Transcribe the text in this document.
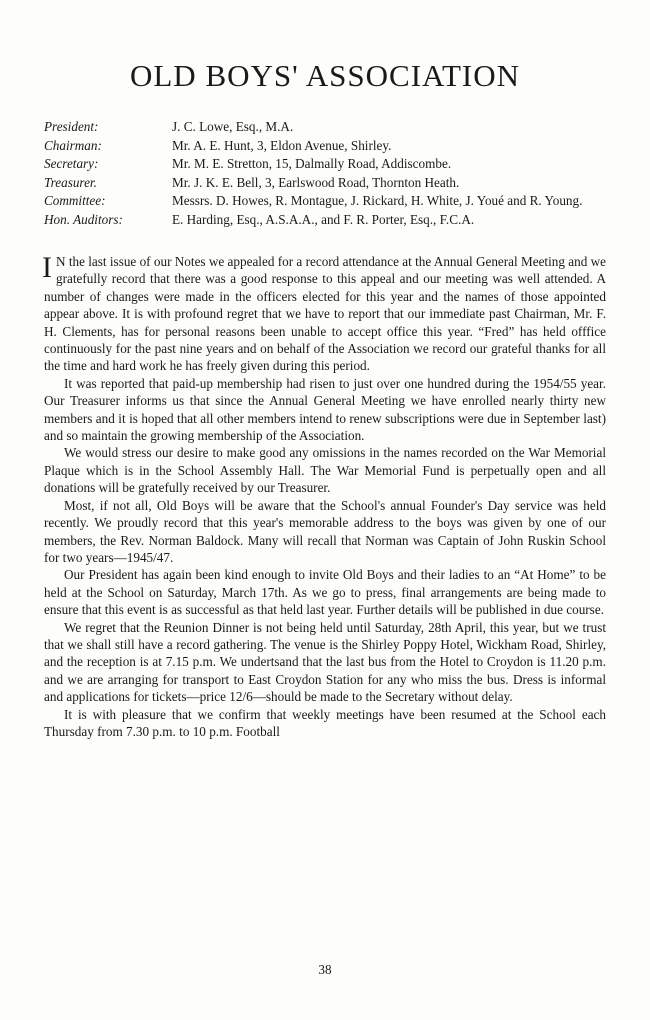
OLD BOYS' ASSOCIATION
President:	J. C. Lowe, Esq., M.A.
Chairman:	Mr. A. E. Hunt, 3, Eldon Avenue, Shirley.
Secretary:	Mr. M. E. Stretton, 15, Dalmally Road, Addiscombe.
Treasurer.	Mr. J. K. E. Bell, 3, Earlswood Road, Thornton Heath.
Committee:	Messrs. D. Howes, R. Montague, J. Rickard, H. White, J. Youé and R. Young.
Hon. Auditors:	E. Harding, Esq., A.S.A.A., and F. R. Porter, Esq., F.C.A.

I N the last issue of our Notes we appealed for a record attendance at the Annual General Meeting and we gratefully record that there was a good response to this appeal and our meeting was well attended. A number of changes were made in the officers elected for this year and the names of those appointed appear above. It is with profound regret that we have to report that our immediate past Chairman, Mr. F. H. Clements, has for personal reasons been unable to accept office this year. “Fred” has held offfice continuously for the past nine years and on behalf of the Association we record our grateful thanks for all the time and hard work he has freely given during this period.

It was reported that paid-up membership had risen to just over one hundred during the 1954/55 year. Our Treasurer informs us that since the Annual General Meeting we have enrolled nearly thirty new members and it is hoped that all other members intend to renew subscriptions were due in September last) and so maintain the growing membership of the Association.

We would stress our desire to make good any omissions in the names recorded on the War Memorial Plaque which is in the School Assembly Hall. The War Memorial Fund is perpetually open and all donations will be gratefully received by our Treasurer.

Most, if not all, Old Boys will be aware that the School's annual Founder's Day service was held recently. We proudly record that this year's memorable address to the boys was given by one of our members, the Rev. Norman Baldock. Many will recall that Norman was Captain of John Ruskin School for two years—1945/47.

Our President has again been kind enough to invite Old Boys and their ladies to an “At Home” to be held at the School on Saturday, March 17th. As we go to press, final arrangements are being made to ensure that this event is as successful as that held last year. Further details will be published in due course.

We regret that the Reunion Dinner is not being held until Saturday, 28th April, this year, but we trust that we shall still have a record gathering. The venue is the Shirley Poppy Hotel, Wickham Road, Shirley, and the reception is at 7.15 p.m. We undertsand that the last bus from the Hotel to Croydon is 11.20 p.m. and we are arranging for transport to East Croydon Station for any who miss the bus. Dress is informal and applications for tickets—price 12/6—should be made to the Secretary without delay.

It is with pleasure that we confirm that weekly meetings have been resumed at the School each Thursday from 7.30 p.m. to 10 p.m. Football

38
